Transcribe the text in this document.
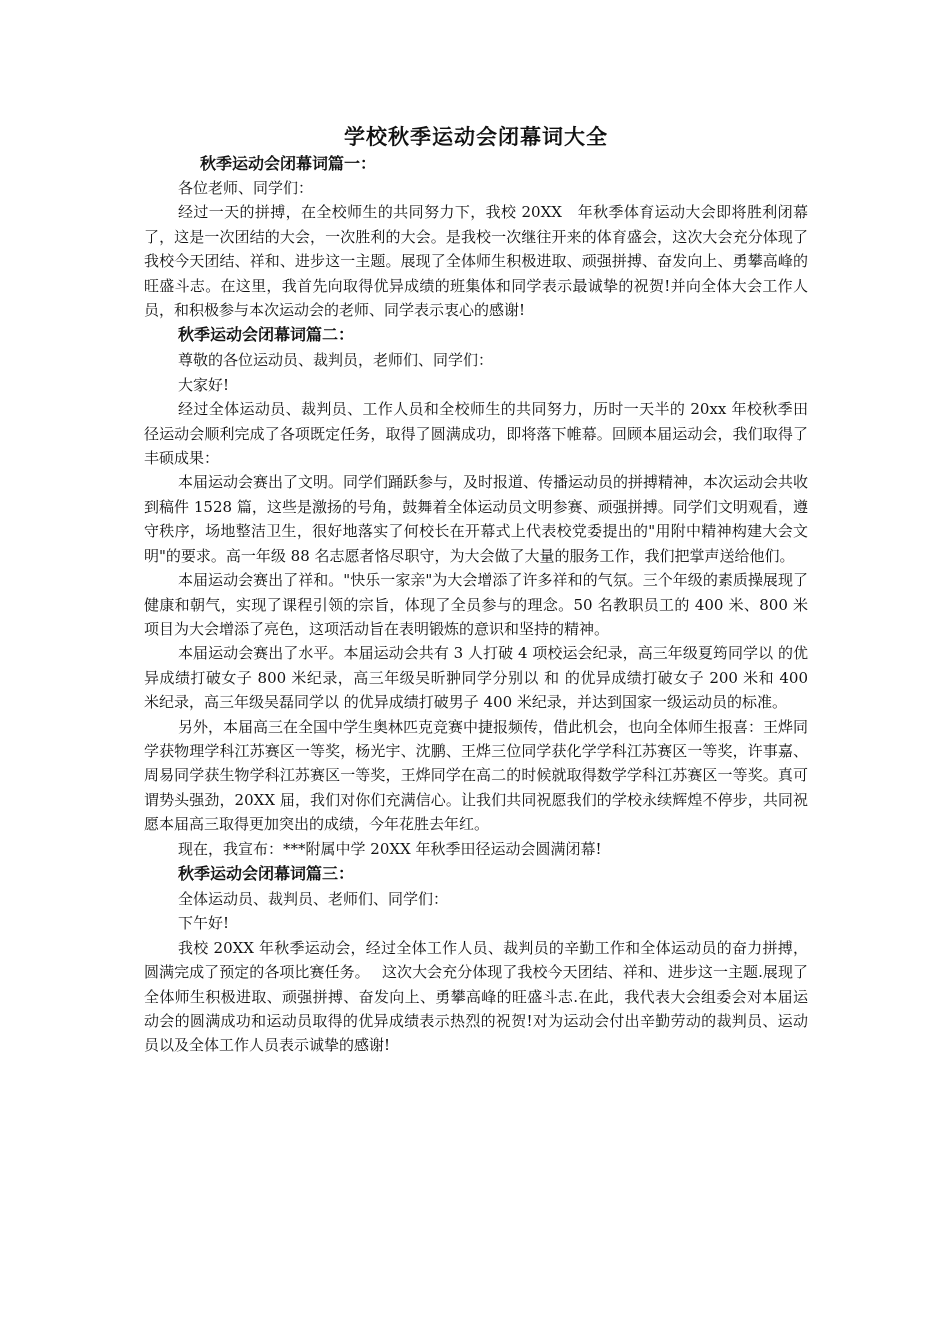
学校秋季运动会闭幕词大全
秋季运动会闭幕词篇一：

各位老师、同学们：

经过一天的拼搏，在全校师生的共同努力下，我校 20XX　年秋季体育运动大会即将胜利闭幕了，这是一次团结的大会，一次胜利的大会。是我校一次继往开来的体育盛会，这次大会充分体现了我校今天团结、祥和、进步这一主题。展现了全体师生积极进取、顽强拼搏、奋发向上、勇攀高峰的旺盛斗志。在这里，我首先向取得优异成绩的班集体和同学表示最诚挚的祝贺!并向全体大会工作人员，和积极参与本次运动会的老师、同学表示衷心的感谢!

秋季运动会闭幕词篇二：

尊敬的各位运动员、裁判员，老师们、同学们：

大家好!

经过全体运动员、裁判员、工作人员和全校师生的共同努力，历时一天半的 20xx 年校秋季田径运动会顺利完成了各项既定任务，取得了圆满成功，即将落下帷幕。回顾本届运动会，我们取得了丰硕成果：

本届运动会赛出了文明。同学们踊跃参与，及时报道、传播运动员的拼搏精神，本次运动会共收到稿件 1528 篇，这些是激扬的号角，鼓舞着全体运动员文明参赛、顽强拼搏。同学们文明观看，遵守秩序，场地整洁卫生，很好地落实了何校长在开幕式上代表校党委提出的"用附中精神构建大会文明"的要求。高一年级 88 名志愿者恪尽职守，为大会做了大量的服务工作，我们把掌声送给他们。

本届运动会赛出了祥和。"快乐一家亲"为大会增添了许多祥和的气氛。三个年级的素质操展现了健康和朝气，实现了课程引领的宗旨，体现了全员参与的理念。50 名教职员工的 400 米、800 米项目为大会增添了亮色，这项活动旨在表明锻炼的意识和坚持的精神。

本届运动会赛出了水平。本届运动会共有 3 人打破 4 项校运会纪录，高三年级夏筠同学以 的优异成绩打破女子 800 米纪录，高三年级吴昕翀同学分别以 和 的优异成绩打破女子 200 米和 400 米纪录，高三年级吴磊同学以 的优异成绩打破男子 400 米纪录，并达到国家一级运动员的标准。

另外，本届高三在全国中学生奥林匹克竞赛中捷报频传，借此机会，也向全体师生报喜：王烨同学获物理学科江苏赛区一等奖，杨光宇、沈鹏、王烨三位同学获化学学科江苏赛区一等奖，许事嘉、周易同学获生物学科江苏赛区一等奖，王烨同学在高二的时候就取得数学学科江苏赛区一等奖。真可谓势头强劲，20XX 届，我们对你们充满信心。让我们共同祝愿我们的学校永续辉煌不停步，共同祝愿本届高三取得更加突出的成绩，今年花胜去年红。

现在，我宣布：***附属中学 20XX 年秋季田径运动会圆满闭幕!

秋季运动会闭幕词篇三：

全体运动员、裁判员、老师们、同学们：

下午好!

我校 20XX 年秋季运动会，经过全体工作人员、裁判员的辛勤工作和全体运动员的奋力拼搏，圆满完成了预定的各项比赛任务。　 这次大会充分体现了我校今天团结、祥和、进步这一主题.展现了全体师生积极进取、顽强拼搏、奋发向上、勇攀高峰的旺盛斗志.在此，我代表大会组委会对本届运动会的圆满成功和运动员取得的优异成绩表示热烈的祝贺!对为运动会付出辛勤劳动的裁判员、运动员以及全体工作人员表示诚挚的感谢!
